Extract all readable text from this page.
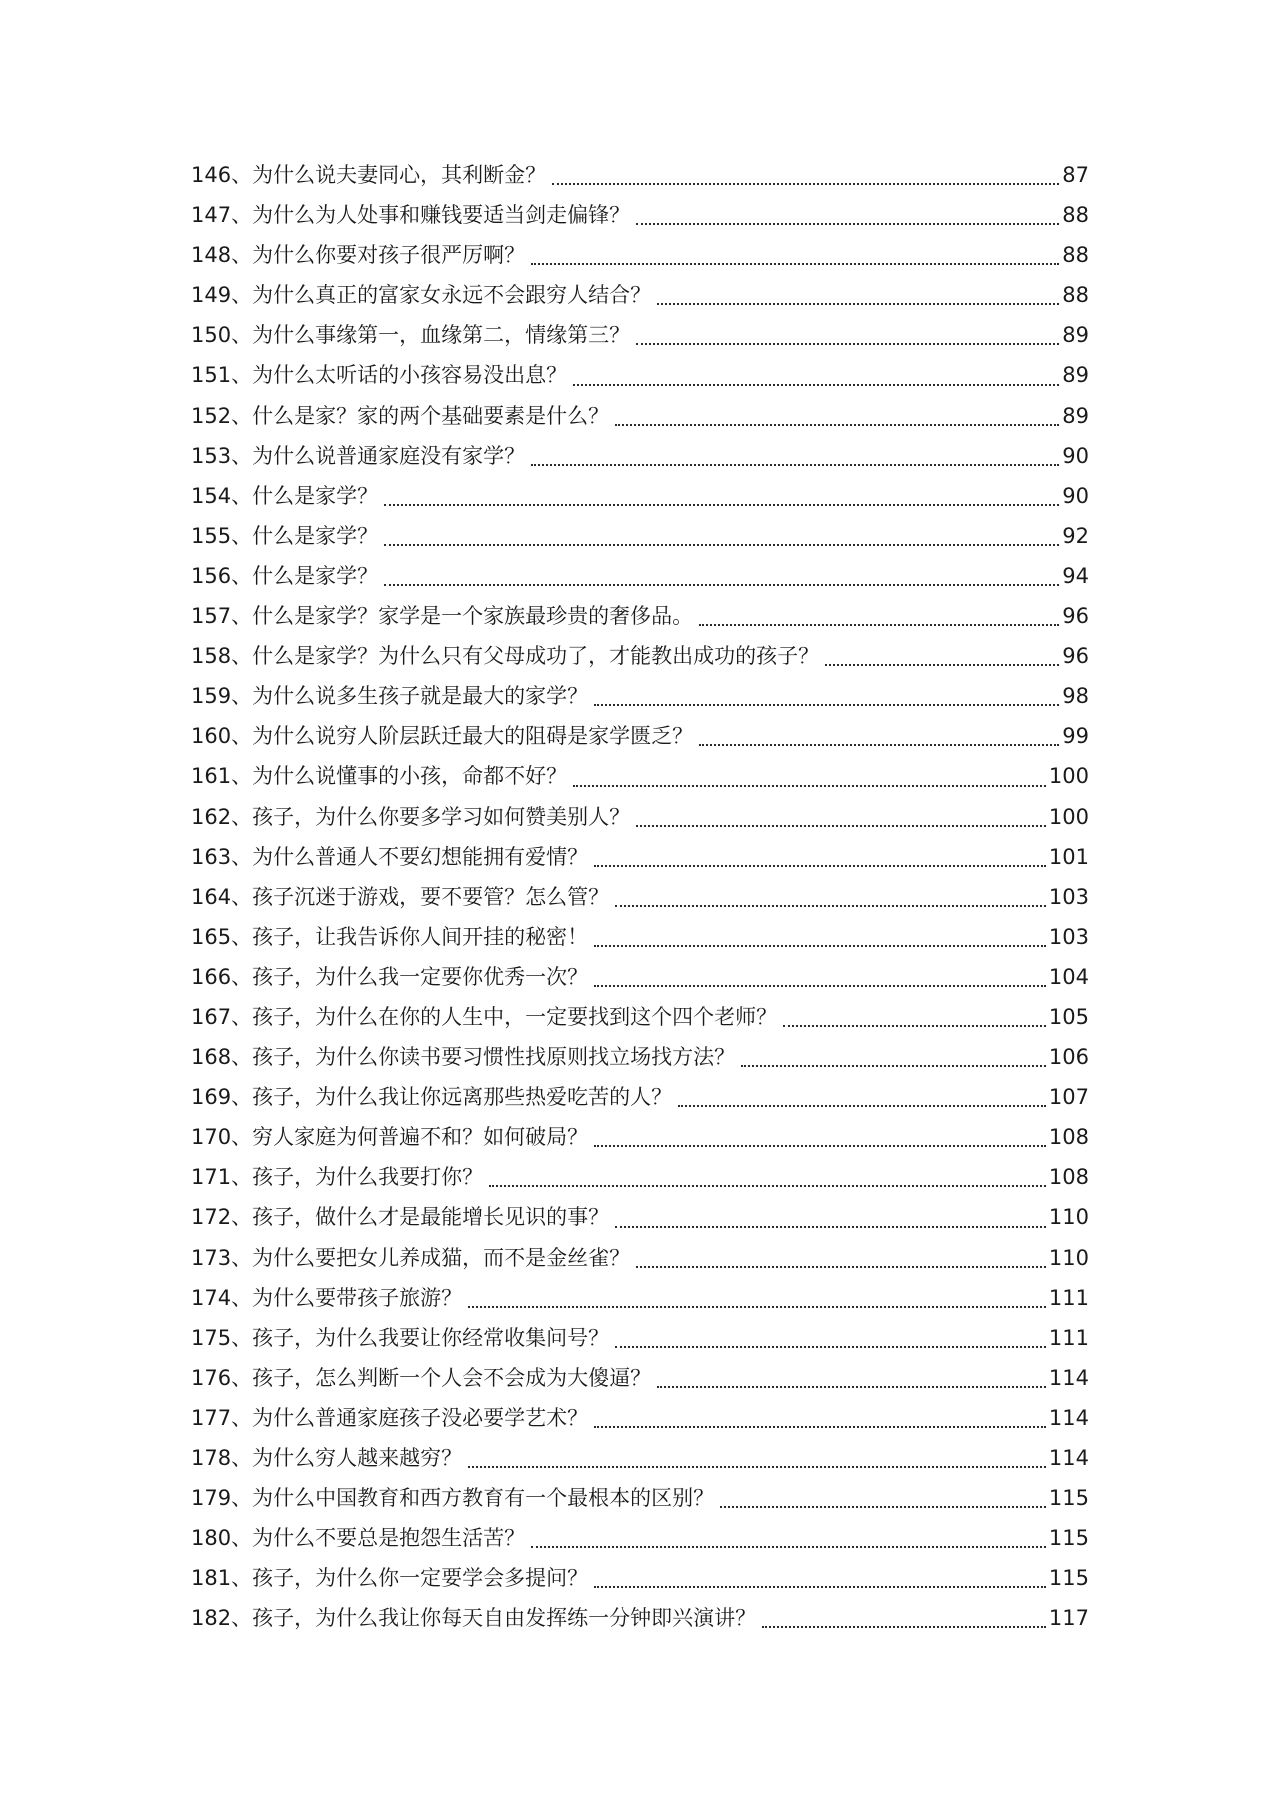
146、为什么说夫妻同心，其利断金？	87
147、为什么为人处事和赚钱要适当剑走偏锋？	88
148、为什么你要对孩子很严厉啊？	88
149、为什么真正的富家女永远不会跟穷人结合？	88
150、为什么事缘第一，血缘第二，情缘第三？	89
151、为什么太听话的小孩容易没出息？	89
152、什么是家？家的两个基础要素是什么？	89
153、为什么说普通家庭没有家学？	90
154、什么是家学？	90
155、什么是家学？	92
156、什么是家学？	94
157、什么是家学？家学是一个家族最珍贵的奢侈品。	96
158、什么是家学？为什么只有父母成功了，才能教出成功的孩子？	96
159、为什么说多生孩子就是最大的家学？	98
160、为什么说穷人阶层跃迁最大的阻碍是家学匮乏？	99
161、为什么说懂事的小孩，命都不好？	100
162、孩子，为什么你要多学习如何赞美别人？	100
163、为什么普通人不要幻想能拥有爱情？	101
164、孩子沉迷于游戏，要不要管？怎么管？	103
165、孩子，让我告诉你人间开挂的秘密！	103
166、孩子，为什么我一定要你优秀一次？	104
167、孩子，为什么在你的人生中，一定要找到这个四个老师？	105
168、孩子，为什么你读书要习惯性找原则找立场找方法？	106
169、孩子，为什么我让你远离那些热爱吃苦的人？	107
170、穷人家庭为何普遍不和？如何破局？	108
171、孩子，为什么我要打你？	108
172、孩子，做什么才是最能增长见识的事？	110
173、为什么要把女儿养成猫，而不是金丝雀？	110
174、为什么要带孩子旅游？	111
175、孩子，为什么我要让你经常收集问号？	111
176、孩子，怎么判断一个人会不会成为大傻逼？	114
177、为什么普通家庭孩子没必要学艺术？	114
178、为什么穷人越来越穷？	114
179、为什么中国教育和西方教育有一个最根本的区别？	115
180、为什么不要总是抱怨生活苦？	115
181、孩子，为什么你一定要学会多提问？	115
182、孩子，为什么我让你每天自由发挥练一分钟即兴演讲？	117
